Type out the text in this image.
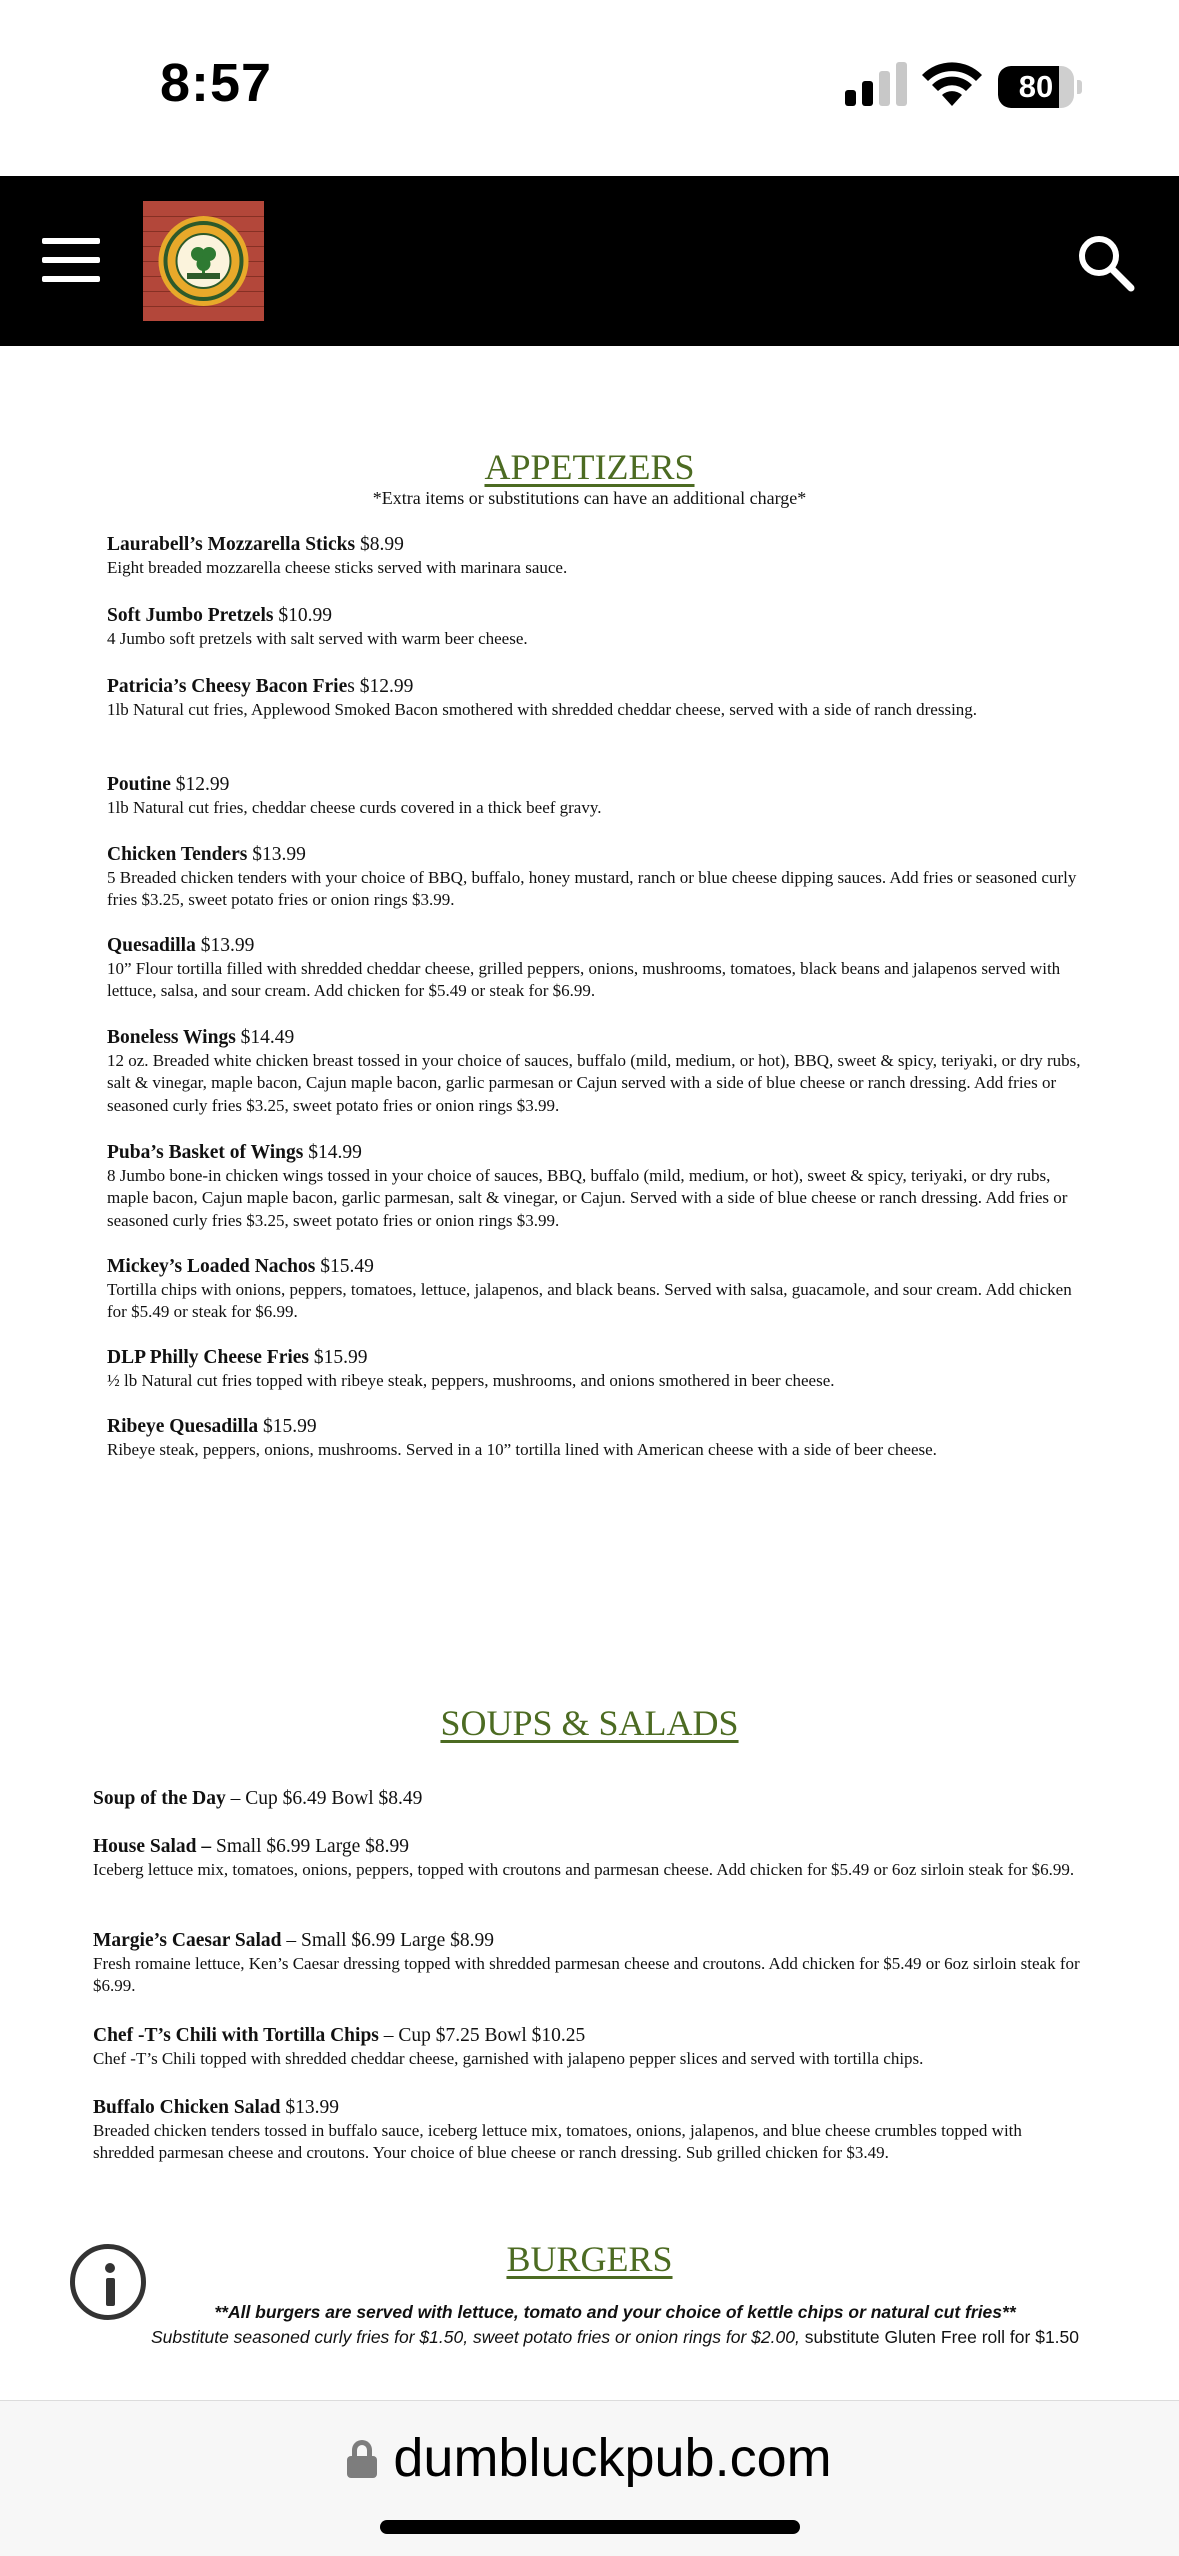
8:57	80
APPETIZERS
*Extra items or substitutions can have an additional charge*
Laurabell’s Mozzarella Sticks $8.99
Eight breaded mozzarella cheese sticks served with marinara sauce.
Soft Jumbo Pretzels $10.99
4 Jumbo soft pretzels with salt served with warm beer cheese.
Patricia’s Cheesy Bacon Fries $12.99
1lb Natural cut fries, Applewood Smoked Bacon smothered with shredded cheddar cheese, served with a side of ranch dressing.
Poutine $12.99
1lb Natural cut fries, cheddar cheese curds covered in a thick beef gravy.
Chicken Tenders $13.99
5 Breaded chicken tenders with your choice of BBQ, buffalo, honey mustard, ranch or blue cheese dipping sauces. Add fries or seasoned curly fries $3.25, sweet potato fries or onion rings $3.99.
Quesadilla $13.99
10” Flour tortilla filled with shredded cheddar cheese, grilled peppers, onions, mushrooms, tomatoes, black beans and jalapenos served with lettuce, salsa, and sour cream. Add chicken for $5.49 or steak for $6.99.
Boneless Wings $14.49
12 oz. Breaded white chicken breast tossed in your choice of sauces, buffalo (mild, medium, or hot), BBQ, sweet & spicy, teriyaki, or dry rubs, salt & vinegar, maple bacon, Cajun maple bacon, garlic parmesan or Cajun served with a side of blue cheese or ranch dressing. Add fries or seasoned curly fries $3.25, sweet potato fries or onion rings $3.99.
Puba’s Basket of Wings $14.99
8 Jumbo bone-in chicken wings tossed in your choice of sauces, BBQ, buffalo (mild, medium, or hot), sweet & spicy, teriyaki, or dry rubs, maple bacon, Cajun maple bacon, garlic parmesan, salt & vinegar, or Cajun. Served with a side of blue cheese or ranch dressing. Add fries or seasoned curly fries $3.25, sweet potato fries or onion rings $3.99.
Mickey’s Loaded Nachos $15.49
Tortilla chips with onions, peppers, tomatoes, lettuce, jalapenos, and black beans. Served with salsa, guacamole, and sour cream. Add chicken for $5.49 or steak for $6.99.
DLP Philly Cheese Fries $15.99
½ lb Natural cut fries topped with ribeye steak, peppers, mushrooms, and onions smothered in beer cheese.
Ribeye Quesadilla $15.99
Ribeye steak, peppers, onions, mushrooms. Served in a 10” tortilla lined with American cheese with a side of beer cheese.
SOUPS & SALADS
Soup of the Day – Cup $6.49 Bowl $8.49
House Salad – Small $6.99 Large $8.99
Iceberg lettuce mix, tomatoes, onions, peppers, topped with croutons and parmesan cheese. Add chicken for $5.49 or 6oz sirloin steak for $6.99.
Margie’s Caesar Salad – Small $6.99 Large $8.99
Fresh romaine lettuce, Ken’s Caesar dressing topped with shredded parmesan cheese and croutons. Add chicken for $5.49 or 6oz sirloin steak for $6.99.
Chef -T’s Chili with Tortilla Chips – Cup $7.25 Bowl $10.25
Chef -T’s Chili topped with shredded cheddar cheese, garnished with jalapeno pepper slices and served with tortilla chips.
Buffalo Chicken Salad $13.99
Breaded chicken tenders tossed in buffalo sauce, iceberg lettuce mix, tomatoes, onions, jalapenos, and blue cheese crumbles topped with shredded parmesan cheese and croutons. Your choice of blue cheese or ranch dressing. Sub grilled chicken for $3.49.
BURGERS
**All burgers are served with lettuce, tomato and your choice of kettle chips or natural cut fries**
Substitute seasoned curly fries for $1.50, sweet potato fries or onion rings for $2.00, substitute Gluten Free roll for $1.50
dumbluckpub.com
